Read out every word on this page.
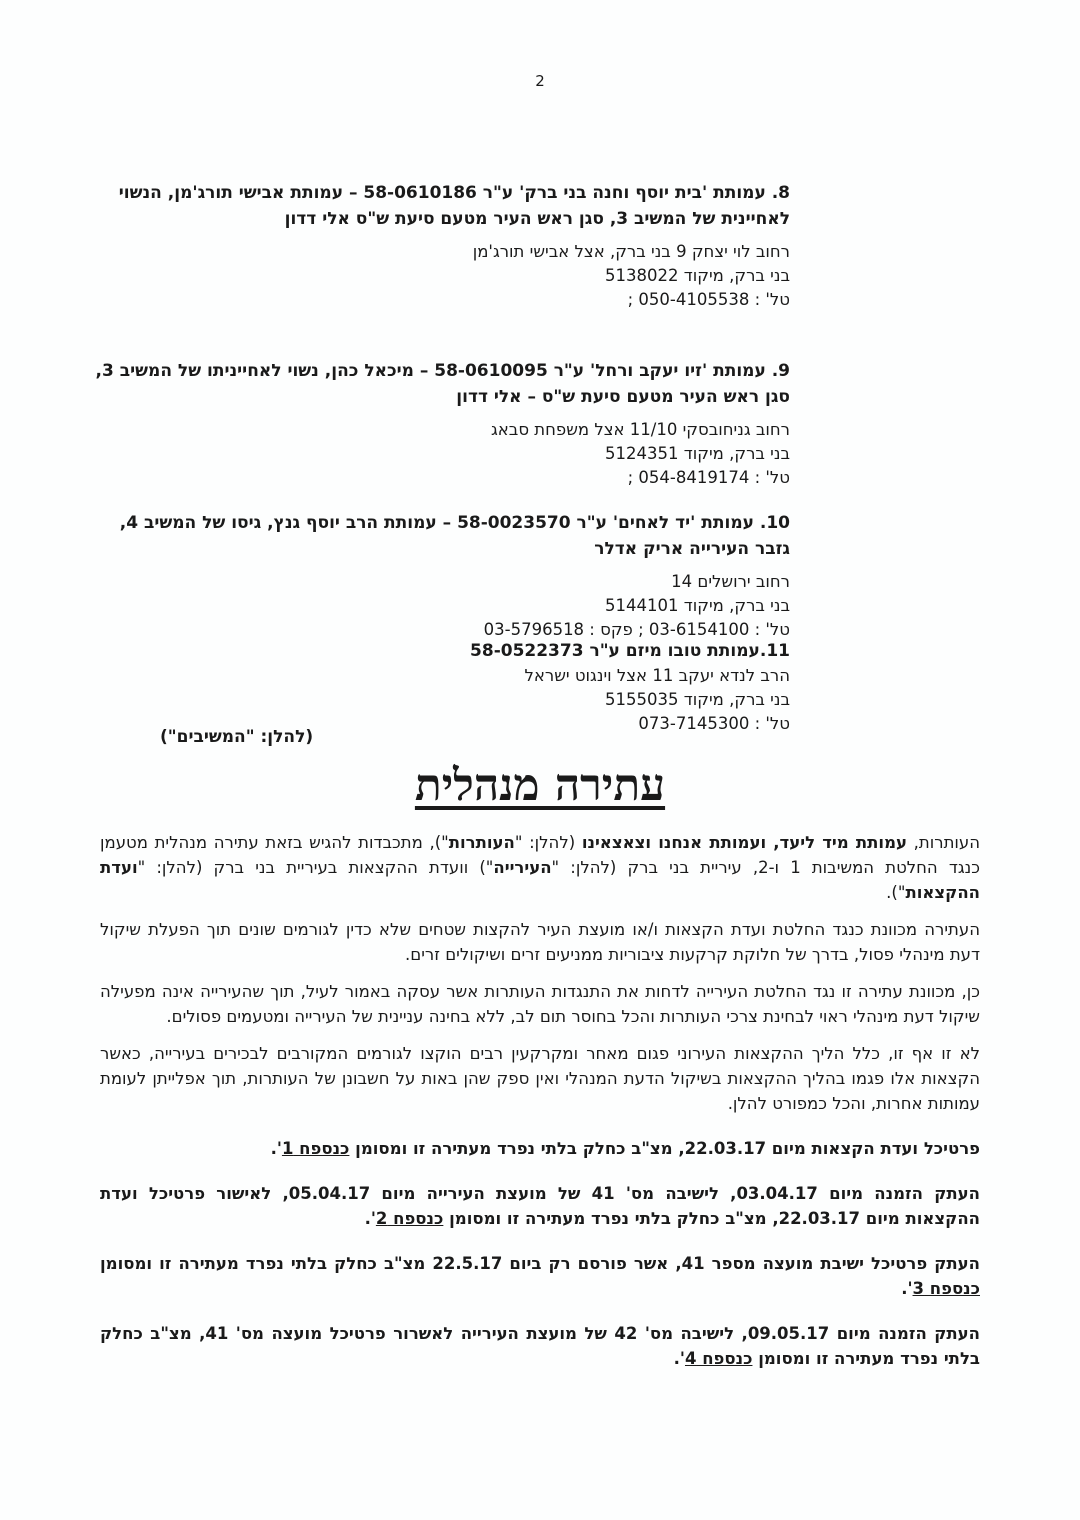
2
8. עמותת 'בית יוסף וחנה בני ברק' ע"ר 58-0610186 – עמותת אבישי תורג'מן, הנשוי לאחיינית של המשיב 3, סגן ראש העיר מטעם סיעת ש"ס אלי דדון
רחוב לוי יצחק 9 בני ברק, אצל אבישי תורג'מן
בני ברק, מיקוד 5138022
טל' : 050-4105538 ;
9. עמותת 'זיו יעקב ורחל' ע"ר 58-0610095 – מיכאל כהן, נשוי לאחייניתו של המשיב 3, סגן ראש העיר מטעם סיעת ש"ס – אלי דדון
רחוב גניחובסקי 11/10 אצל משפחת סבאג
בני ברק, מיקוד 5124351
טל' : 054-8419174 ;
10. עמותת 'יד לאחים' ע"ר 58-0023570 – עמותת הרב יוסף גנץ, גיסו של המשיב 4, גזבר העירייה אריק אדלר
רחוב ירושלים 14
בני ברק, מיקוד 5144101
טל' : 03-6154100 ; פקס : 03-5796518
11.עמותת טובו מיזם ע"ר 58-0522373
הרב לנדא יעקב 11 אצל וינגוט ישראל
בני ברק, מיקוד 5155035
טל' : 073-7145300
(להלן: "המשיבים")
עתירה מנהלית

העותרות, עמותת מיד ליעד, ועמותת אנחנו וצאצאינו (להלן: "העותרות"), מתכבדות להגיש בזאת עתירה מנהלית מטעמן כנגד החלטת המשיבות 1 ו-2, עיריית בני ברק (להלן: "העירייה") וועדת ההקצאות בעיריית בני ברק (להלן: "ועדת ההקצאות").

העתירה מכוונת כנגד החלטת ועדת הקצאות ו/או מועצת העיר להקצות שטחים שלא כדין לגורמים שונים תוך הפעלת שיקול דעת מינהלי פסול, בדרך של חלוקת קרקעות ציבוריות ממניעים זרים ושיקולים זרים.

כן, מכוונת עתירה זו נגד החלטת העירייה לדחות את התנגדות העותרות אשר עסקה באמור לעיל, תוך שהעירייה אינה מפעילה שיקול דעת מינהלי ראוי לבחינת צרכי העותרות והכל בחוסר תום לב, ללא בחינה עניינית של העירייה ומטעמים פסולים.

לא זו אף זו, כלל הליך ההקצאות העירוני פגום מאחר ומקרקעין רבים הוקצו לגורמים המקורבים לבכירים בעירייה, כאשר הקצאות אלו פגמו בהליך ההקצאות בשיקול הדעת המנהלי ואין ספק שהן באות על חשבונן של העותרות, תוך אפלייתן לעומת עמותות אחרות, והכל כמפורט להלן.

פרטיכל ועדת הקצאות מיום 22.03.17, מצ"ב כחלק בלתי נפרד מעתירה זו ומסומן כנספח 1'.

העתק הזמנה מיום 03.04.17, לישיבה מס' 41 של מועצת העירייה מיום 05.04.17, לאישור פרטיכל ועדת ההקצאות מיום 22.03.17, מצ"ב כחלק בלתי נפרד מעתירה זו ומסומן כנספח 2'.

העתק פרטיכל ישיבת מועצה מספר 41, אשר פורסם רק ביום 22.5.17 מצ"ב כחלק בלתי נפרד מעתירה זו ומסומן כנספח 3'.

העתק הזמנה מיום 09.05.17, לישיבה מס' 42 של מועצת העירייה לאשרור פרטיכל מועצה מס' 41, מצ"ב כחלק בלתי נפרד מעתירה זו ומסומן כנספח 4'.
